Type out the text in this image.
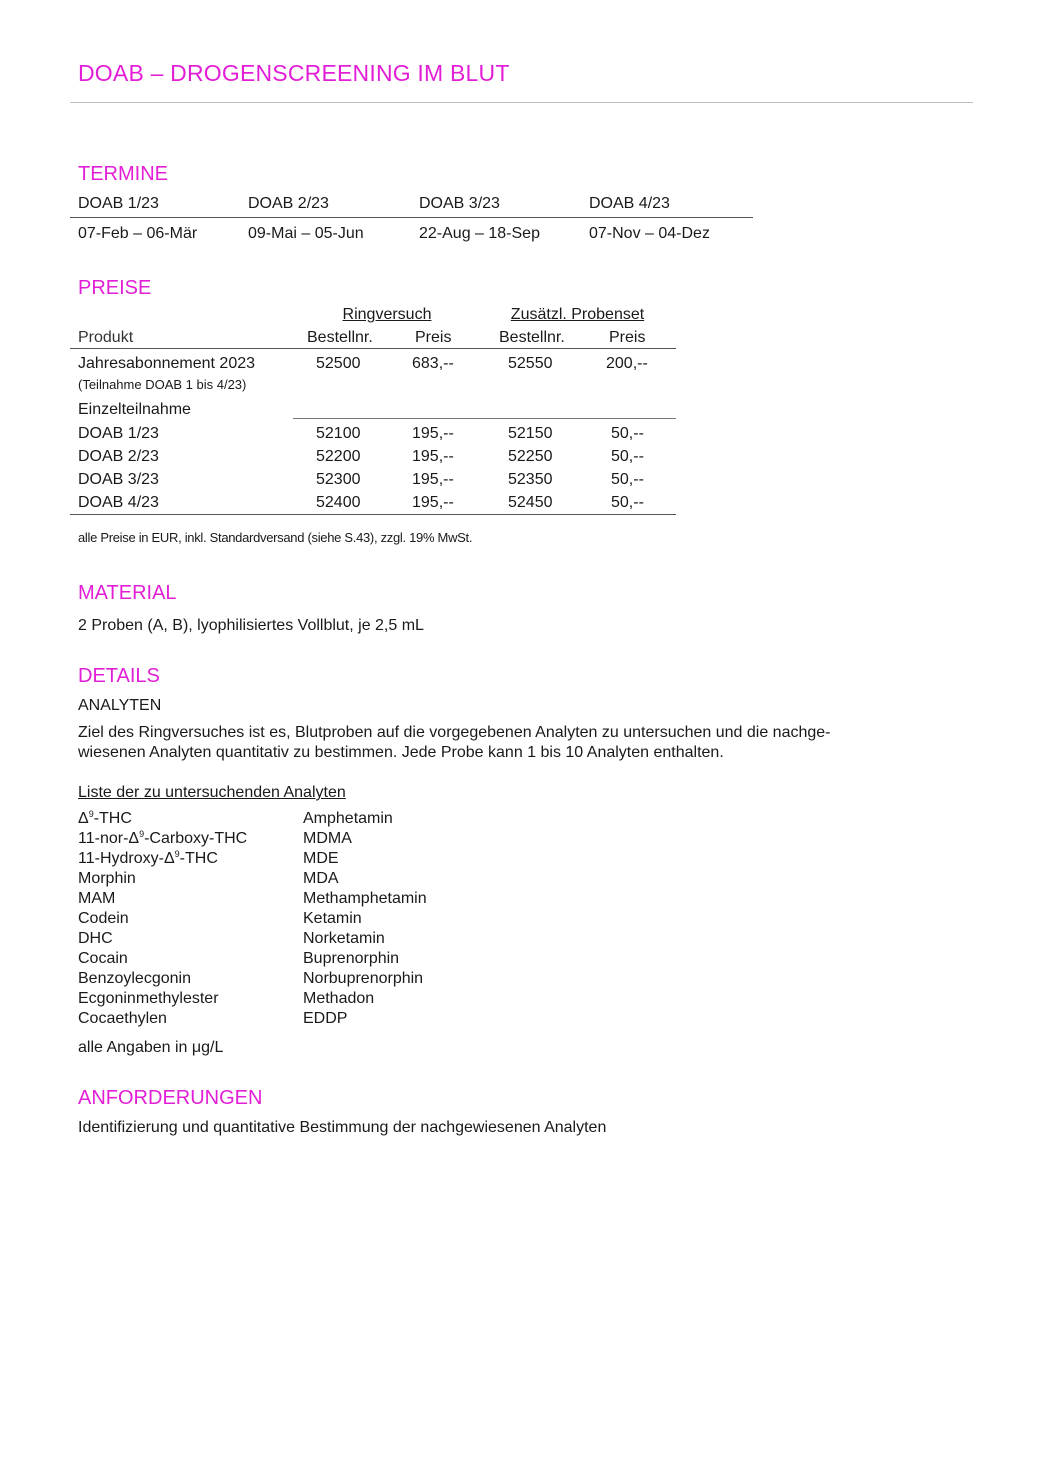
DOAB – DROGENSCREENING IM BLUT
TERMINE
DOAB 1/23	DOAB 2/23	DOAB 3/23	DOAB 4/23
07-Feb – 06-Mär	09-Mai – 05-Jun	22-Aug – 18-Sep	07-Nov – 04-Dez
PREISE
Ringversuch	Zusätzl. Probenset
Produkt	Bestellnr.	Preis	Bestellnr.	Preis
Jahresabonnement 2023
(Teilnahme DOAB 1 bis 4/23)
52500	683,--	52550	200,--
Einzelteilnahme
DOAB 1/23	52100	195,--	52150	50,--
DOAB 2/23	52200	195,--	52250	50,--
DOAB 3/23	52300	195,--	52350	50,--
DOAB 4/23	52400	195,--	52450	50,--
alle Preise in EUR, inkl. Standardversand (siehe S.43), zzgl. 19% MwSt.
MATERIAL
2 Proben (A, B), lyophilisiertes Vollblut, je 2,5 mL
DETAILS
ANALYTEN
Ziel des Ringversuches ist es, Blutproben auf die vorgegebenen Analyten zu untersuchen und die nachge-
wiesenen Analyten quantitativ zu bestimmen. Jede Probe kann 1 bis 10 Analyten enthalten.
Liste der zu untersuchenden Analyten
$\Delta^9$-THC
$11-nor-\Delta^9-Carboxy$-THC
$11-Hydroxy-\Delta^9$-THC
Morphin
MAM
Codein
DHC
Cocain
Benzoylecgonin
Ecgoninmethylester
Cocaethylen
Amphetamin
MDMA
MDE
MDA
Methamphetamin
Ketamin
Norketamin
Buprenorphin
Norbuprenorphin
Methadon
EDDP
alle Angaben in μg/L
ANFORDERUNGEN
Identifizierung und quantitative Bestimmung der nachgewiesenen Analyten
